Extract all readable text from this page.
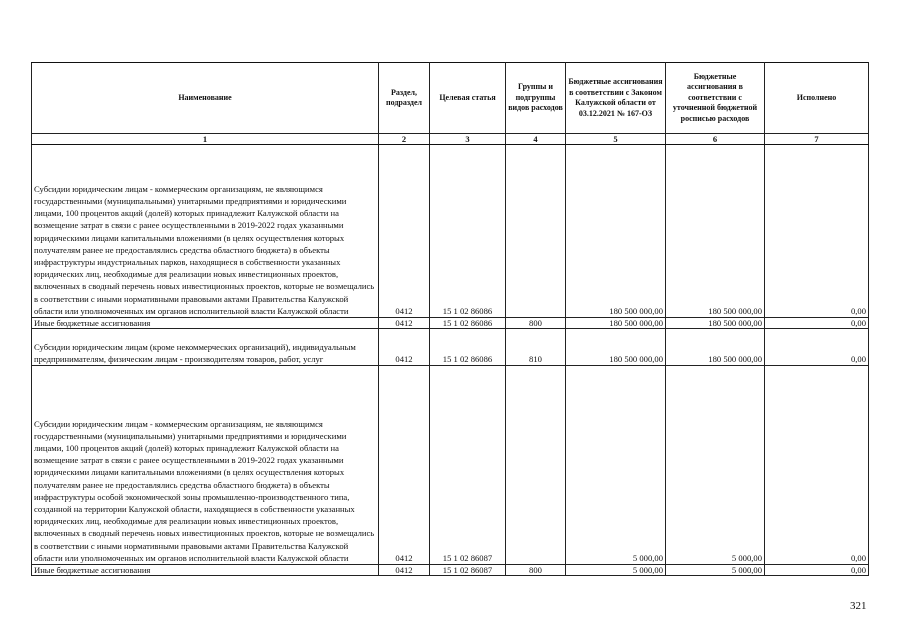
Наименование	Раздел, подраздел	Целевая статья	Группы и подгруппы видов расходов	Бюджетные ассигнования в соответствии с Законом Калужской области от 03.12.2021 № 167-ОЗ	Бюджетные ассигнования в соответствии с уточненной бюджетной росписью расходов	Исполнено
1	2	3	4	5	6	7
Субсидии юридическим лицам - коммерческим организациям, не являющимся государственными (муниципальными) унитарными предприятиями и юридическими лицами, 100 процентов акций (долей) которых принадлежит Калужской области на возмещение затрат в связи с ранее осуществленными в 2019-2022 годах указанными юридическими лицами капитальными вложениями (в целях осуществления которых получателям ранее не предоставлялись средства областного бюджета) в объекты инфраструктуры индустриальных парков, находящиеся в собственности указанных юридических лиц, необходимые для реализации новых инвестиционных проектов, включенных в сводный перечень новых инвестиционных проектов, которые не возмещались в соответствии с иными нормативными правовыми актами Правительства Калужской области или уполномоченных им органов исполнительной власти Калужской области	0412	15 1 02 86086		180 500 000,00	180 500 000,00	0,00
Иные бюджетные ассигнования	0412	15 1 02 86086	800	180 500 000,00	180 500 000,00	0,00
Субсидии юридическим лицам (кроме некоммерческих организаций), индивидуальным предпринимателям, физическим лицам - производителям товаров, работ, услуг	0412	15 1 02 86086	810	180 500 000,00	180 500 000,00	0,00
Субсидии юридическим лицам - коммерческим организациям, не являющимся государственными (муниципальными) унитарными предприятиями и юридическими лицами, 100 процентов акций (долей) которых принадлежит Калужской области на возмещение затрат в связи с ранее осуществленными в 2019-2022 годах указанными юридическими лицами капитальными вложениями (в целях осуществления которых получателям ранее не предоставлялись средства областного бюджета) в объекты инфраструктуры особой экономической зоны промышленно-производственного типа, созданной на территории Калужской области, находящиеся в собственности указанных юридических лиц, необходимые для реализации новых инвестиционных проектов, включенных в сводный перечень новых инвестиционных проектов, которые не возмещались в соответствии с иными нормативными правовыми актами Правительства Калужской области или уполномоченных им органов исполнительной власти Калужской области	0412	15 1 02 86087		5 000,00	5 000,00	0,00
Иные бюджетные ассигнования	0412	15 1 02 86087	800	5 000,00	5 000,00	0,00
321
